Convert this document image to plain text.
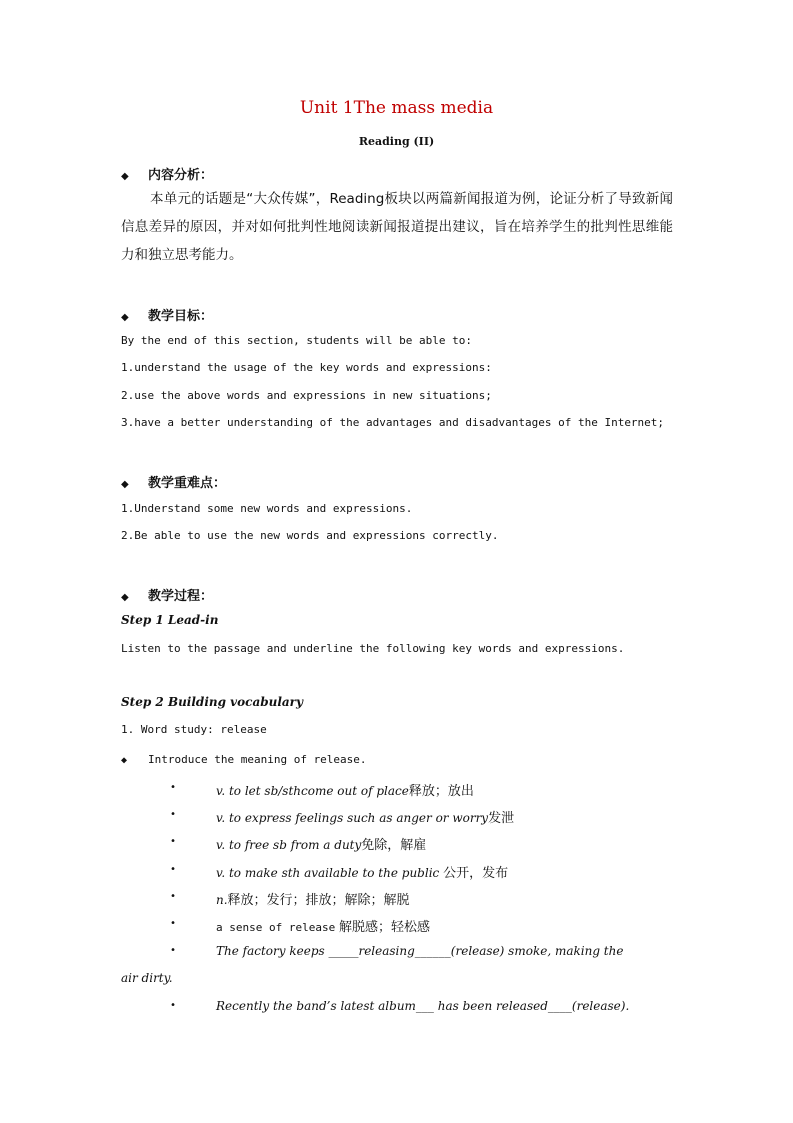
Unit 1The mass media
Reading (II)
◆ 内容分析：
本单元的话题是“大众传媒”，Reading板块以两篇新闻报道为例，论证分析了导致新闻信息差异的原因，并对如何批判性地阅读新闻报道提出建议，旨在培养学生的批判性思维能力和独立思考能力。
◆ 教学目标：
By the end of this section, students will be able to:
1.understand the usage of the key words and expressions:
2.use the above words and expressions in new situations;
3.have a better understanding of the advantages and disadvantages of the Internet;
◆ 教学重难点：
1.Understand some new words and expressions.
2.Be able to use the new words and expressions correctly.
◆ 教学过程：
Step 1 Lead-in
Listen to the passage and underline the following key words and expressions.
Step 2 Building vocabulary
1. Word study: release
◆ Introduce the meaning of release.
•	v. to let sb/sthcome out of place释放；放出
•	v. to express feelings such as anger or worry发泄
•	v. to free sb from a duty免除，解雇
•	v. to make sth available to the public 公开，发布
•	n.释放；发行；排放；解除；解脱
•	a sense of release 解脱感；轻松感
•	The factory keeps _____releasing______(release) smoke, making the
air dirty.
•	Recently the band’s latest album___ has been released____(release).
